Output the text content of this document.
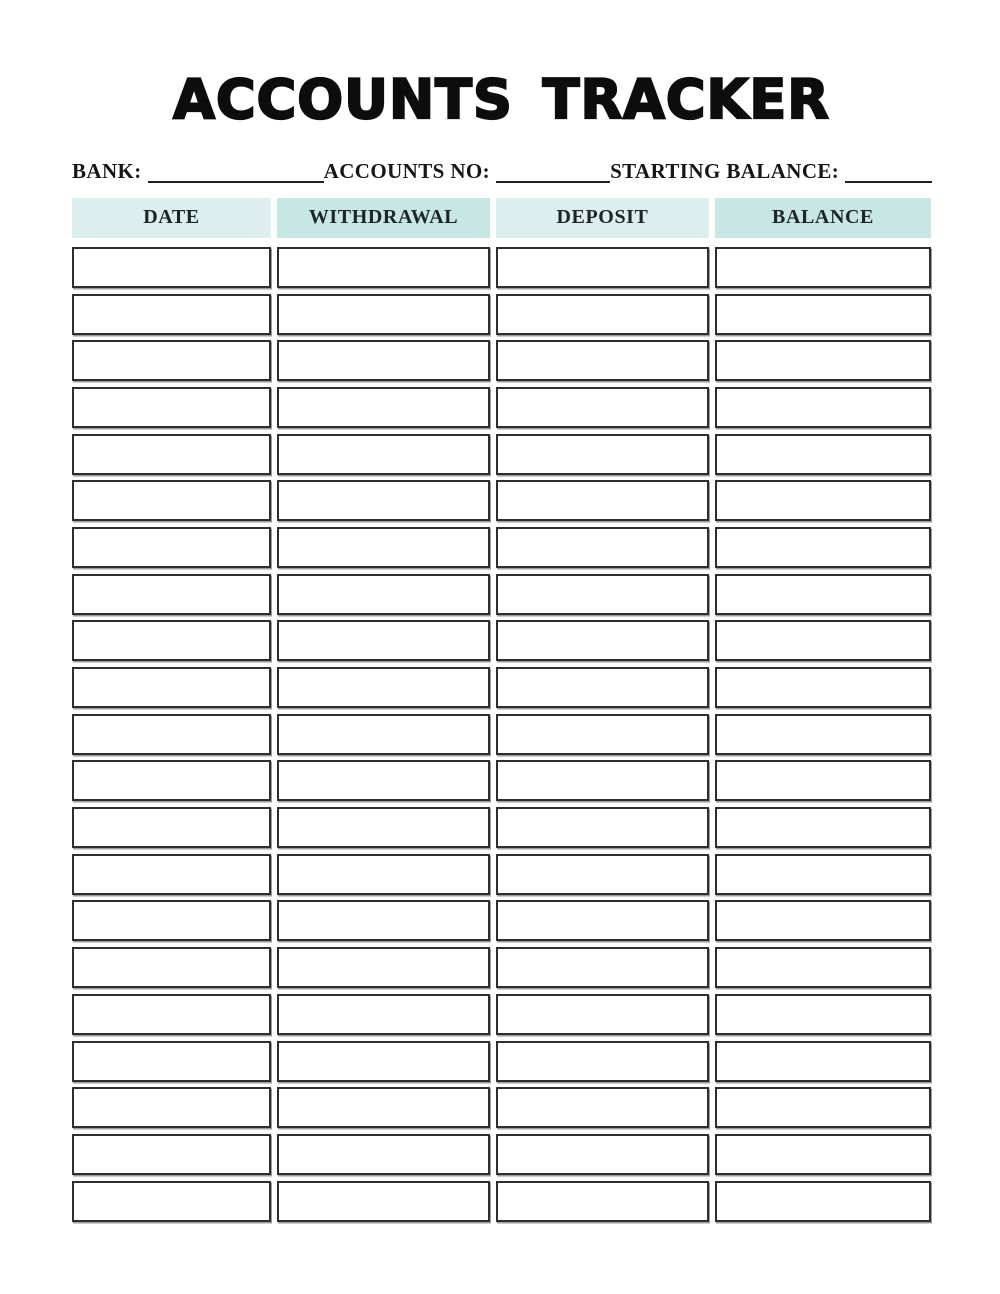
ACCOUNTS TRACKER
BANK:	ACCOUNTS NO:	STARTING BALANCE:
DATE	WITHDRAWAL	DEPOSIT	BALANCE
